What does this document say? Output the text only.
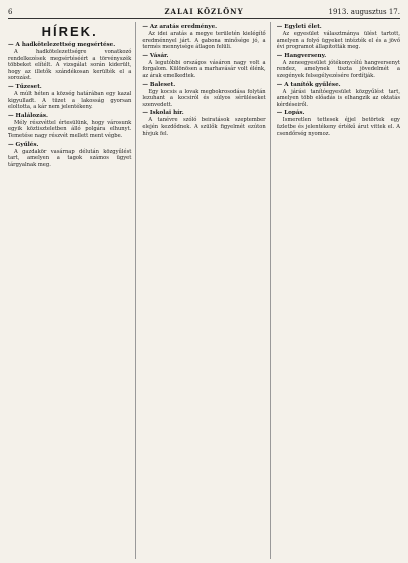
6	ZALAI KÖZLÖNY	1913. augusztus 17.
HÍREK.
— A hadkötelezettség megsértése.

A hadkötelezettségre vonatkozó rendelkezések megsértéséért a törvényszék többeket elítélt. A vizsgálat során kiderült, hogy az illetők szándékosan kerülték el a sorozást.

— Tűzeset.

A múlt héten a község határában egy kazal kigyulladt. A tüzet a lakosság gyorsan eloltotta, a kár nem jelentékeny.

— Halálozás.

Mély részvéttel értesülünk, hogy városunk egyik köztiszteletben álló polgára elhunyt. Temetése nagy részvét mellett ment végbe.

— Gyűlés.

A gazdakör vasárnap délután közgyűlést tart, amelyen a tagok számos ügyet tárgyalnak meg.

— Az aratás eredménye.

Az idei aratás a megye területén kielégítő eredménnyel járt. A gabona minősége jó, a termés mennyisége átlagon felüli.

— Vásár.

A legutóbbi országos vásáron nagy volt a forgalom. Különösen a marhavásár volt élénk, az árak emelkedtek.

— Baleset.

Egy kocsis a lovak megbokrosodása folytán lezuhant a kocsiról és súlyos sérüléseket szenvedett.

— Iskolai hír.

A tanévre szóló beiratások szeptember elején kezdődnek. A szülők figyelmét ezúton hívjuk fel.

— Egyleti élet.

Az egyesület választmánya ülést tartott, amelyen a folyó ügyeket intézték el és a jövő évi programot állapították meg.

— Hangverseny.

A zeneegyesület jótékonycélú hangversenyt rendez, amelynek tiszta jövedelmét a szegények felsegélyezésére fordítják.

— A tanítók gyűlése.

A járási tanítóegyesület közgyűlést tart, amelyen több előadás is elhangzik az oktatás kérdéseiről.

— Lopás.

Ismeretlen tettesek éjjel betörtek egy üzletbe és jelentékeny értékű árut vittek el. A csendőrség nyomoz.
